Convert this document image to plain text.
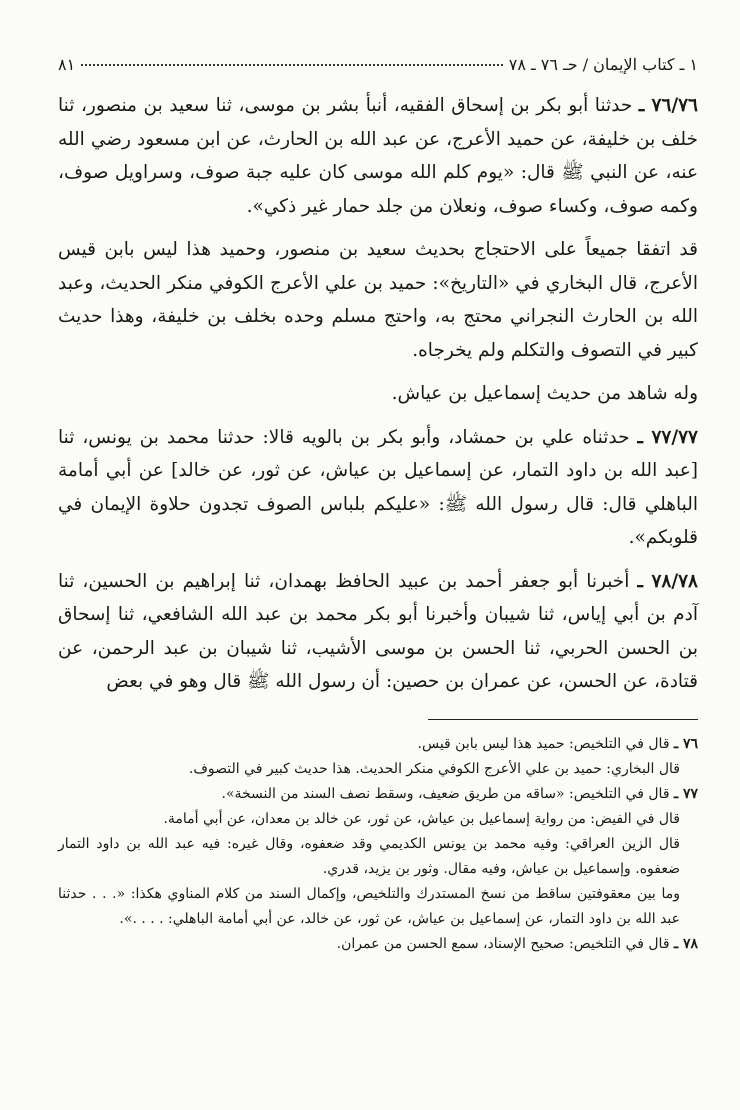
١ ـ كتاب الإيمان / حـ ٧٦ ـ ٧٨
٨١

٧٦/٧٦ ـ حدثنا أبو بكر بن إسحاق الفقيه، أنبأ بشر بن موسى، ثنا سعيد بن منصور، ثنا خلف بن خليفة، عن حميد الأعرج، عن عبد الله بن الحارث، عن ابن مسعود رضي الله عنه، عن النبي ﷺ قال: «يوم كلم الله موسى كان عليه جبة صوف، وسراويل صوف، وكمه صوف، وكساء صوف، ونعلان من جلد حمار غير ذكي».

قد اتفقا جميعاً على الاحتجاج بحديث سعيد بن منصور، وحميد هذا ليس بابن قيس الأعرج، قال البخاري في «التاريخ»: حميد بن علي الأعرج الكوفي منكر الحديث، وعبد الله بن الحارث النجراني محتج به، واحتج مسلم وحده بخلف بن خليفة، وهذا حديث كبير في التصوف والتكلم ولم يخرجاه.

وله شاهد من حديث إسماعيل بن عياش.

٧٧/٧٧ ـ حدثناه علي بن حمشاد، وأبو بكر بن بالويه قالا: حدثنا محمد بن يونس، ثنا [عبد الله بن داود التمار، عن إسماعيل بن عياش، عن ثور، عن خالد] عن أبي أمامة الباهلي قال: قال رسول الله ﷺ: «عليكم بلباس الصوف تجدون حلاوة الإيمان في قلوبكم».

٧٨/٧٨ ـ أخبرنا أبو جعفر أحمد بن عبيد الحافظ بهمدان، ثنا إبراهيم بن الحسين، ثنا آدم بن أبي إياس، ثنا شيبان وأخبرنا أبو بكر محمد بن عبد الله الشافعي، ثنا إسحاق بن الحسن الحربي، ثنا الحسن بن موسى الأشيب، ثنا شيبان بن عبد الرحمن، عن قتادة، عن الحسن، عن عمران بن حصين: أن رسول الله ﷺ قال وهو في بعض

٧٦ ـ قال في التلخيص: حميد هذا ليس بابن قيس.

قال البخاري: حميد بن علي الأعرج الكوفي منكر الحديث. هذا حديث كبير في التصوف.

٧٧ ـ قال في التلخيص: «ساقه من طريق ضعيف، وسقط نصف السند من النسخة».

قال في الفيض: من رواية إسماعيل بن عياش، عن ثور، عن خالد بن معدان، عن أبي أمامة.

قال الزين العراقي: وفيه محمد بن يونس الكديمي وقد ضعفوه، وقال غيره: فيه عبد الله بن داود التمار ضعفوه. وإسماعيل بن عياش، وفيه مقال. وثور بن يزيد، قدري.

وما بين معقوفتين ساقط من نسخ المستدرك والتلخيص، وإكمال السند من كلام المناوي هكذا: «. . . حدثنا عبد الله بن داود التمار، عن إسماعيل بن عياش، عن ثور، عن خالد، عن أبي أمامة الباهلي: . . . .».

٧٨ ـ قال في التلخيص: صحيح الإسناد، سمع الحسن من عمران.
